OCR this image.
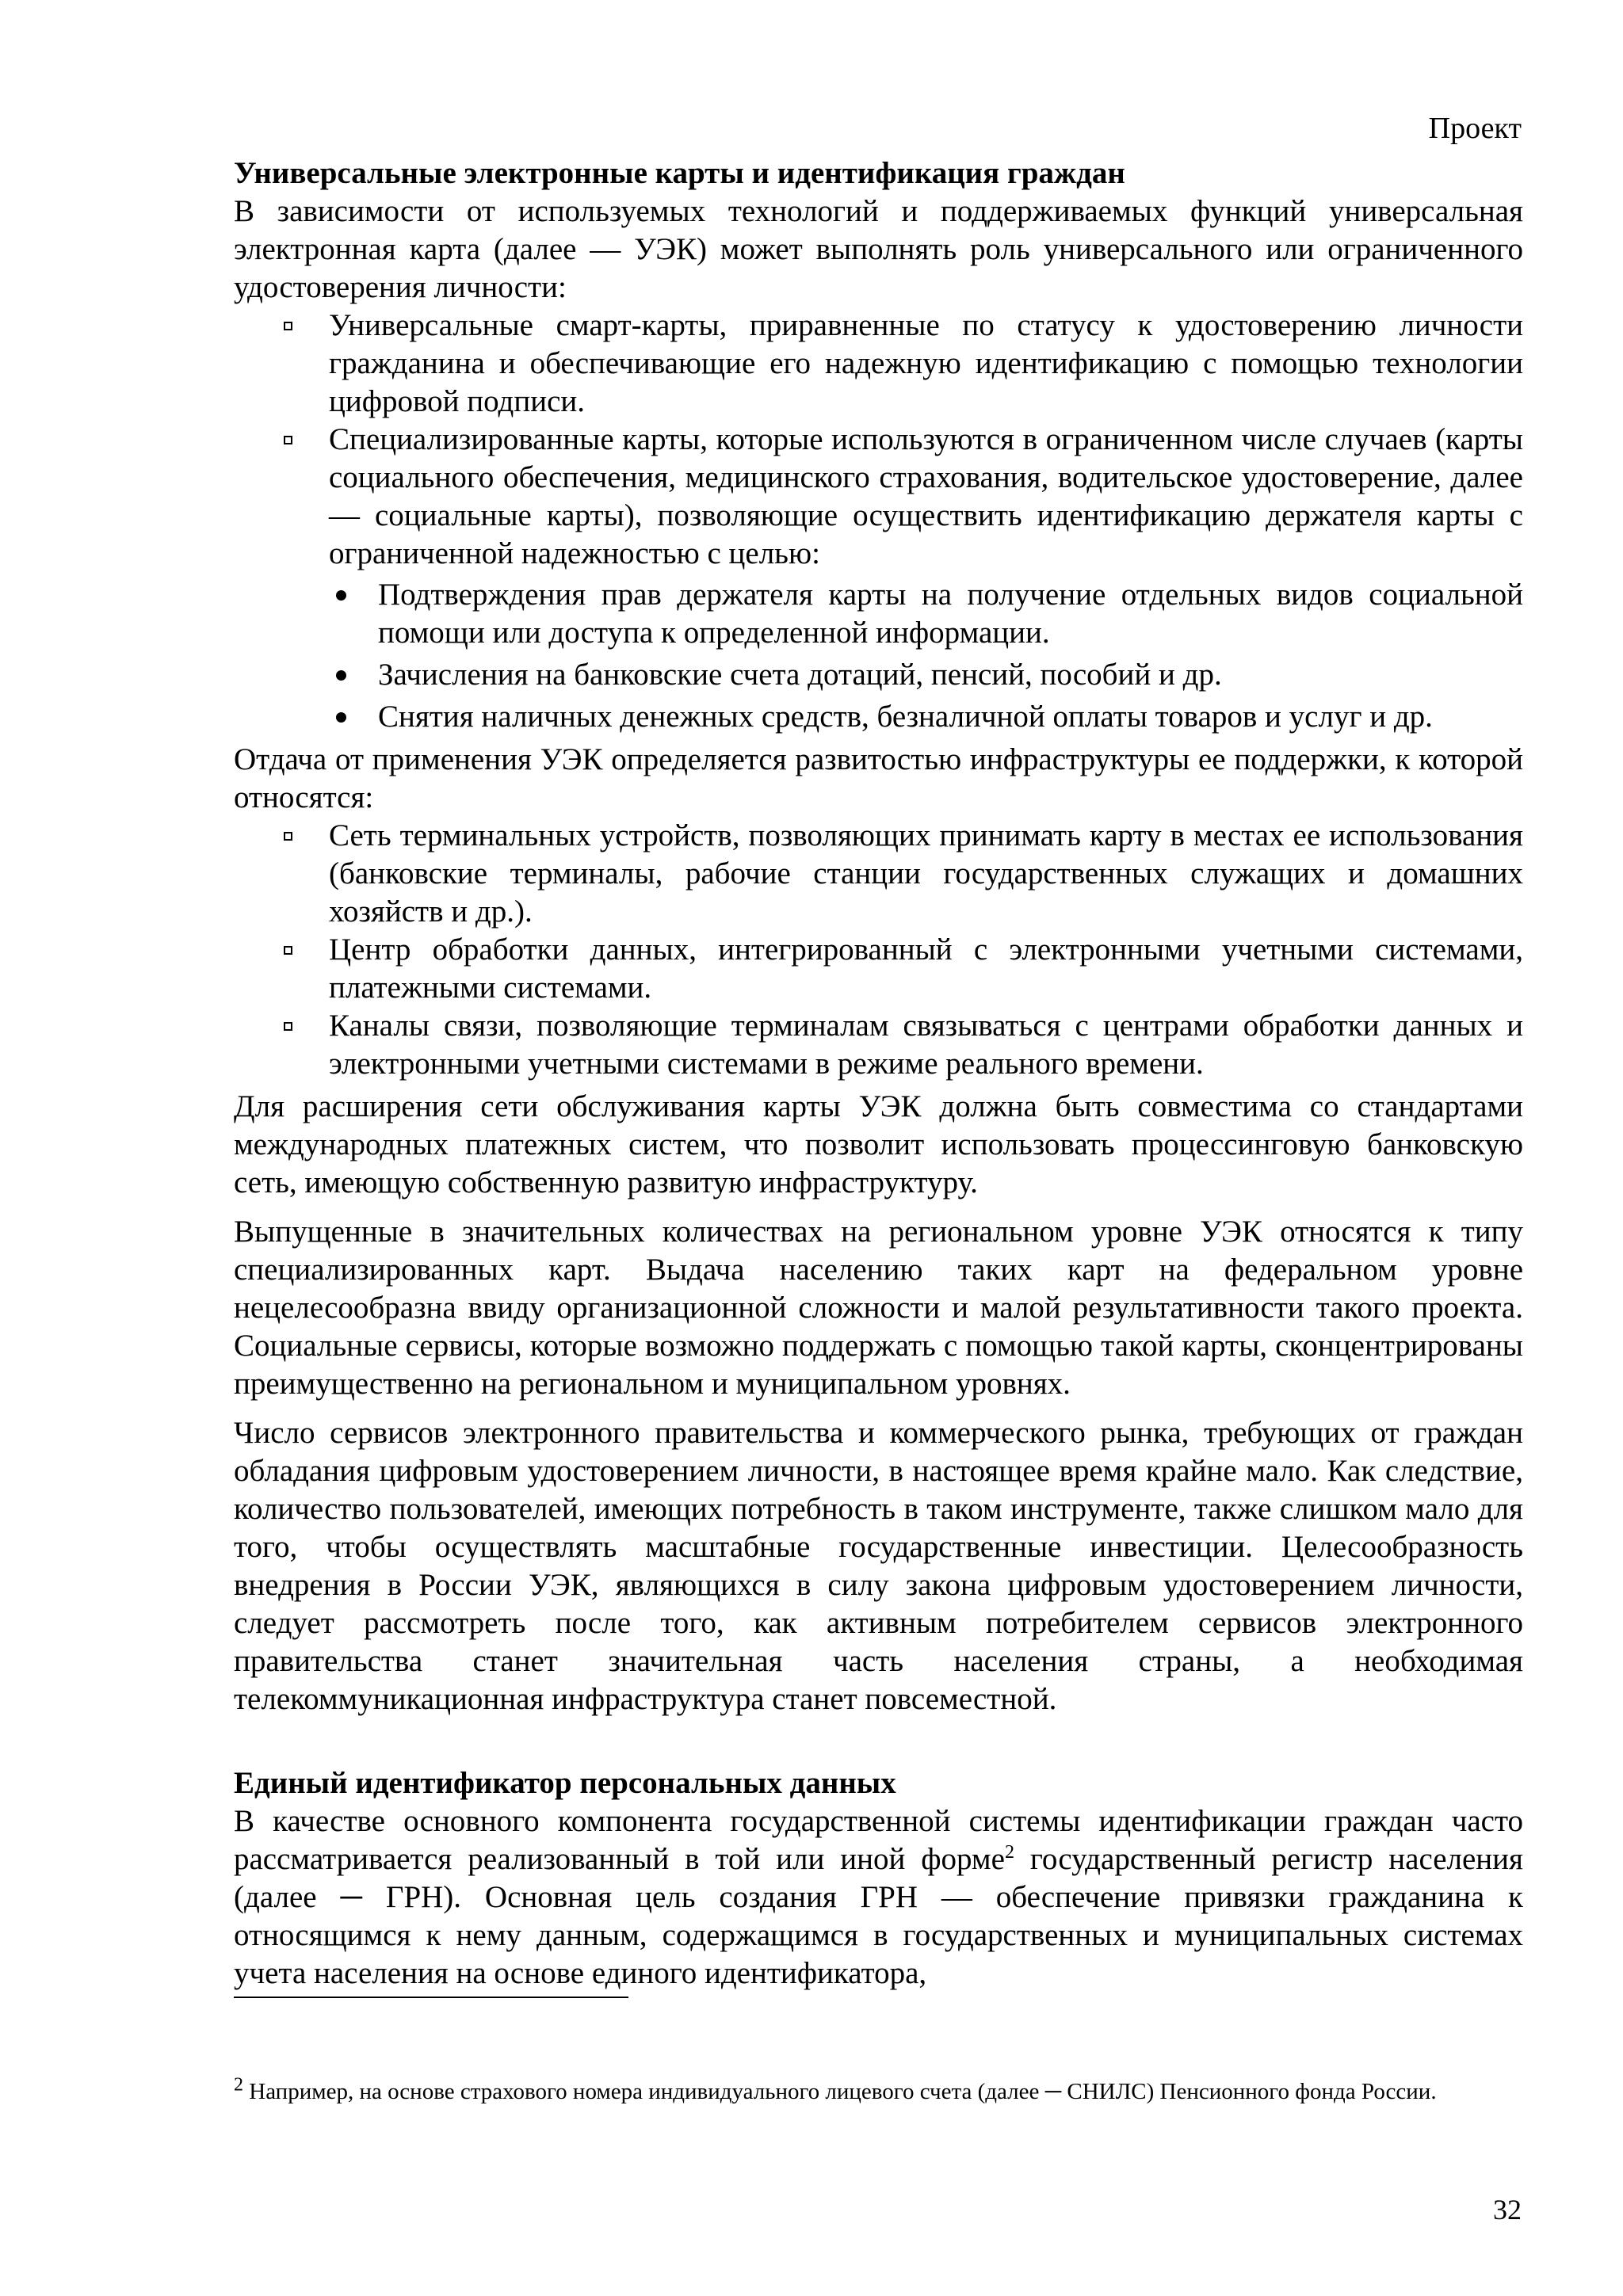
Проект
Универсальные электронные карты и идентификация граждан

В зависимости от используемых технологий и поддерживаемых функций универсальная электронная карта (далее — УЭК) может выполнять роль универсального или ограниченного удостоверения личности:

Универсальные смарт-карты, приравненные по статусу к удостоверению личности гражданина и обеспечивающие его надежную идентификацию с помощью технологии цифровой подписи.
Специализированные карты, которые используются в ограниченном числе случаев (карты социального обеспечения, медицинского страхования, водительское удостоверение, далее — социальные карты), позволяющие осуществить идентификацию держателя карты с ограниченной надежностью с целью:
Подтверждения прав держателя карты на получение отдельных видов социальной помощи или доступа к определенной информации.
Зачисления на банковские счета дотаций, пенсий, пособий и др.
Снятия наличных денежных средств, безналичной оплаты товаров и услуг и др.

Отдача от применения УЭК определяется развитостью инфраструктуры ее поддержки, к которой относятся:

Сеть терминальных устройств, позволяющих принимать карту в местах ее использования (банковские терминалы, рабочие станции государственных служащих и домашних хозяйств и др.).
Центр обработки данных, интегрированный с электронными учетными системами, платежными системами.
Каналы связи, позволяющие терминалам связываться с центрами обработки данных и электронными учетными системами в режиме реального времени.

Для расширения сети обслуживания карты УЭК должна быть совместима со стандартами международных платежных систем, что позволит использовать процессинговую банковскую сеть, имеющую собственную развитую инфраструктуру.

Выпущенные в значительных количествах на региональном уровне УЭК относятся к типу специализированных карт. Выдача населению таких карт на федеральном уровне нецелесообразна ввиду организационной сложности и малой результативности такого проекта. Социальные сервисы, которые возможно поддержать с помощью такой карты, сконцентрированы преимущественно на региональном и муниципальном уровнях.

Число сервисов электронного правительства и коммерческого рынка, требующих от граждан обладания цифровым удостоверением личности, в настоящее время крайне мало. Как следствие, количество пользователей, имеющих потребность в таком инструменте, также слишком мало для того, чтобы осуществлять масштабные государственные инвестиции. Целесообразность внедрения в России УЭК, являющихся в силу закона цифровым удостоверением личности, следует рассмотреть после того, как активным потребителем сервисов электронного правительства станет значительная часть населения страны, а необходимая телекоммуникационная инфраструктура станет повсеместной.

Единый идентификатор персональных данных

В качестве основного компонента государственной системы идентификации граждан часто рассматривается реализованный в той или иной форме$^2$ государственный регистр населения (далее ─ ГРН). Основная цель создания ГРН — обеспечение привязки гражданина к относящимся к нему данным, содержащимся в государственных и муниципальных системах учета населения на основе единого идентификатора,

$^2$ Например, на основе страхового номера индивидуального лицевого счета (далее ─ СНИЛС) Пенсионного фонда России.
32
